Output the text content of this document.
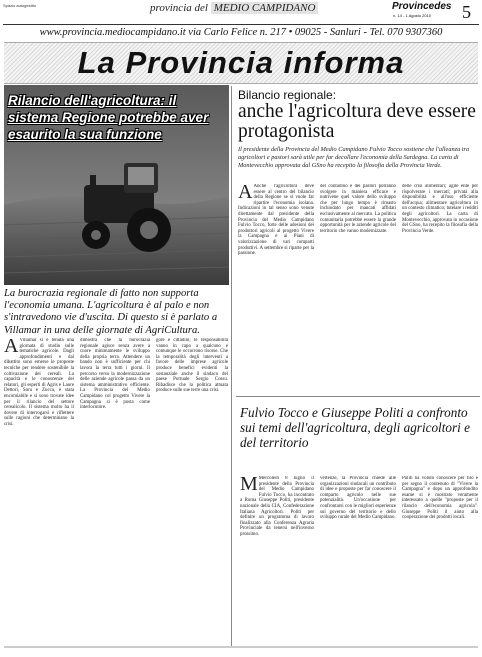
Spazio autogestito	provincia del MEDIO CAMPIDANO	Provincedes
n. 14 - 1 Agosto 2010 5
www.provincia.mediocampidano.it via Carlo Felice n. 217 • 09025 - Sanluri - Tel. 070 9307360
La Provincia informa
Rilancio dell'agricoltura: il sistema Regione potrebbe aver esaurito la sua funzione
La burocrazia regionale di fatto non supporta l'economia umana. L'agricoltura è al palo e non s'intravedono vie d'uscita. Di questo si è parlato a Villamar in una delle giornate di AgriCultura.
A Villamar si è tenuta una giornata di studio sulle tematiche agricole. Dagli approfondimenti e dal dibattito sono emerse le proposte tecniche per rendere sostenibile la coltivazione dei cereali. La capacità e le conoscenze dei relatori, gli esperti di Agris e Laore Dettori, Soru e Zucca, è stata encomiabile e si sono trovate idee per il rilancio del settore cerealicolo. Il sistema molto ha il dovere di interrogarsi e riflettere sulle ragioni che determinano la crisi.
dimostra che la burocrazia regionale agisce senza avere a cuore minimamente le sviluppo della propria terra. Attendere un bando non è sufficiente per chi lavora la terra tutti i giorni. Il percorso verso la modernizzazione delle aziende agricole passa da un sistema amministrativo efficiente. La Provincia del Medio Campidano col progetto Vivere la Campagna si è posta come interlocutore.
gore e cittadini; le responsabilità vanno in capo a qualcuno e comunque le occorrono risorse. Che la temporalità degli interventi a favore delle imprese agricole produce benefici evidenti la sostanziale anche il sindaco del paese Portuale Sergio Cossu. Ribadisce che la politica attuata produce sulle sue terre una crisi.
Bilancio regionale:
anche l'agricoltura deve essere protagonista
Il presidente della Provincia del Medio Campidano Fulvio Tocco sostiene che l'alleanza tra agricoltori e pastori sarà utile per far decollare l'economia della Sardegna. La carta di Montevecchio approvata dal GSno ha recepito la filosofia della Provincia Verde.
A Anche l'agricoltura deve essere al centro del bilancio della Regione se si vuole far ripartire l'economia isolana. Indicazioni in tal senso sono venute direttamente dal presidente della Provincia del Medio Campidano Fulvio Tocco, forte delle adesioni dei produttori agricoli al progetto Vivere la Campagna e ai Piani di valorizzazione di vari comparti produttivi. A settembre si riparte per la passione.
del contadino e dei pastori potranno svolgere in maniera efficace e nutrivene quel valore dello sviluppo che per lungo tempo è rimasto inchiodato per mancati affidati esclusivamente al mercato. La politica comunitaria potrebbe essere la grande opportunità per le aziende agricole del territorio che vanno modernizzate.
delle crisi alimentari; agile ente per rispolverare i mercati; privatà alla disponibilità e all'uso efficiente dell'acqua; alimentare agricoltura in un contesto climatico; tutelare i redditi degli agricoltori. La carta di Montevecchio, approvata in occasione del GSno, ha recepito la filosofia della Provincia Verde.
Fulvio Tocco e Giuseppe Politi a confronto sui temi dell'agricoltura, degli agricoltori e del territorio
M Mercoledì 8 luglio il presidente della Provincia del Medio Campidano Fulvio Tocco, ha incontrato a Roma Giuseppe Politi, presidente nazionale della CIA, Confederazione Italiana Agricoltori. Politi per definire un programma di lavoro finalizzato alla Conferenza Agraria Provinciale da tenersi nell'inverno prossimo.
vertenze, la Provincia chiede alle organizzazioni sindacali un contributo di idee e proposte per far conoscere il comparto agricolo nelle sue potenzialità. Un'occasione per confrontarsi con le migliori esperienze sul governo del territorio e dello sviluppo rurale del Medio Campidano.
Politi ha voluto conoscere per filo e per segno il contenuto di "Vivere la Campagna" e dopo un approfondito esame si è mostrato veramente interessato a quelle "proposte per il rilancio dell'economia agricola". Giuseppe Politi il aiuto alla cooperazione dei prodotti locali.
